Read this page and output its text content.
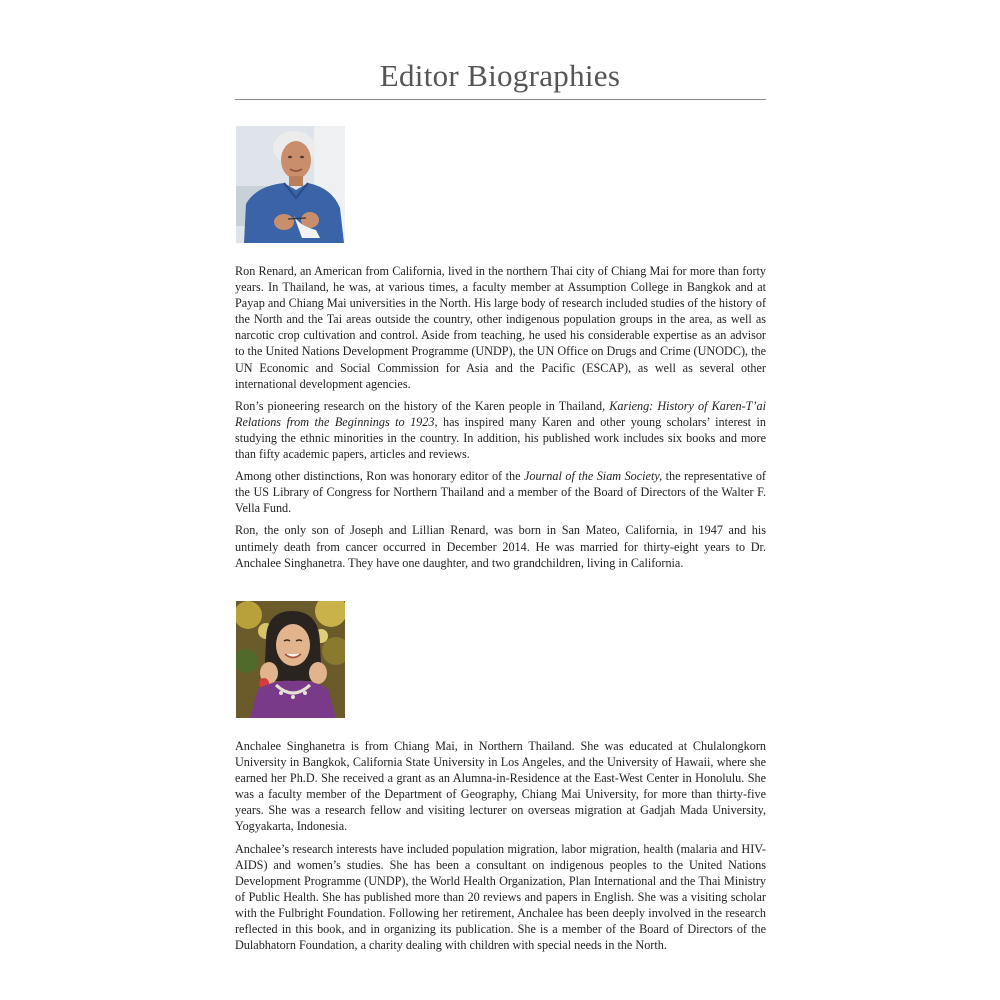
Editor Biographies

Ron Renard, an American from California, lived in the northern Thai city of Chiang Mai for more than forty years. In Thailand, he was, at various times, a faculty member at Assumption College in Bangkok and at Payap and Chiang Mai universities in the North. His large body of research included studies of the history of the North and the Tai areas outside the country, other indigenous population groups in the area, as well as narcotic crop cultivation and control. Aside from teaching, he used his considerable expertise as an advisor to the United Nations Development Programme (UNDP), the UN Office on Drugs and Crime (UNODC), the UN Economic and Social Commission for Asia and the Pacific (ESCAP), as well as several other international development agencies.

Ron’s pioneering research on the history of the Karen people in Thailand, Karieng: History of Karen-T’ai Relations from the Beginnings to 1923, has inspired many Karen and other young scholars’ interest in studying the ethnic minorities in the country. In addition, his published work includes six books and more than fifty academic papers, articles and reviews.

Among other distinctions, Ron was honorary editor of the Journal of the Siam Society, the representative of the US Library of Congress for Northern Thailand and a member of the Board of Directors of the Walter F. Vella Fund.

Ron, the only son of Joseph and Lillian Renard, was born in San Mateo, California, in 1947 and his untimely death from cancer occurred in December 2014. He was married for thirty-eight years to Dr. Anchalee Singhanetra. They have one daughter, and two grandchildren, living in California.

Anchalee Singhanetra is from Chiang Mai, in Northern Thailand. She was educated at Chulalongkorn University in Bangkok, California State University in Los Angeles, and the University of Hawaii, where she earned her Ph.D. She received a grant as an Alumna-in-Residence at the East-West Center in Honolulu. She was a faculty member of the Department of Geography, Chiang Mai University, for more than thirty-five years. She was a research fellow and visiting lecturer on overseas migration at Gadjah Mada University, Yogyakarta, Indonesia.

Anchalee’s research interests have included population migration, labor migration, health (malaria and HIV-AIDS) and women’s studies. She has been a consultant on indigenous peoples to the United Nations Development Programme (UNDP), the World Health Organization, Plan International and the Thai Ministry of Public Health. She has published more than 20 reviews and papers in English. She was a visiting scholar with the Fulbright Foundation. Following her retirement, Anchalee has been deeply involved in the research reflected in this book, and in organizing its publication. She is a member of the Board of Directors of the Dulabhatorn Foundation, a charity dealing with children with special needs in the North.
